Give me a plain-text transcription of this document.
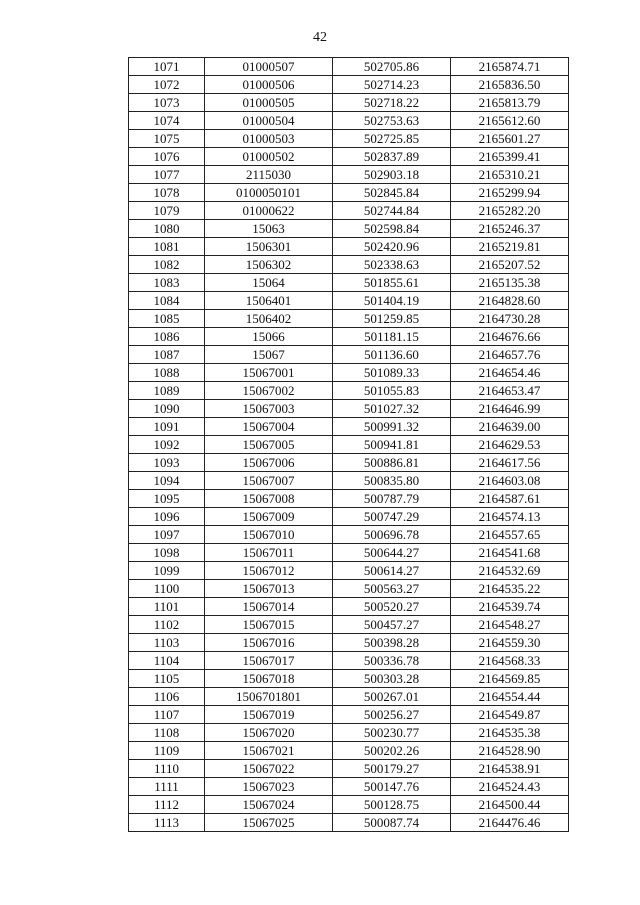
42
1071	01000507	502705.86	2165874.71
1072	01000506	502714.23	2165836.50
1073	01000505	502718.22	2165813.79
1074	01000504	502753.63	2165612.60
1075	01000503	502725.85	2165601.27
1076	01000502	502837.89	2165399.41
1077	2115030	502903.18	2165310.21
1078	0100050101	502845.84	2165299.94
1079	01000622	502744.84	2165282.20
1080	15063	502598.84	2165246.37
1081	1506301	502420.96	2165219.81
1082	1506302	502338.63	2165207.52
1083	15064	501855.61	2165135.38
1084	1506401	501404.19	2164828.60
1085	1506402	501259.85	2164730.28
1086	15066	501181.15	2164676.66
1087	15067	501136.60	2164657.76
1088	15067001	501089.33	2164654.46
1089	15067002	501055.83	2164653.47
1090	15067003	501027.32	2164646.99
1091	15067004	500991.32	2164639.00
1092	15067005	500941.81	2164629.53
1093	15067006	500886.81	2164617.56
1094	15067007	500835.80	2164603.08
1095	15067008	500787.79	2164587.61
1096	15067009	500747.29	2164574.13
1097	15067010	500696.78	2164557.65
1098	15067011	500644.27	2164541.68
1099	15067012	500614.27	2164532.69
1100	15067013	500563.27	2164535.22
1101	15067014	500520.27	2164539.74
1102	15067015	500457.27	2164548.27
1103	15067016	500398.28	2164559.30
1104	15067017	500336.78	2164568.33
1105	15067018	500303.28	2164569.85
1106	1506701801	500267.01	2164554.44
1107	15067019	500256.27	2164549.87
1108	15067020	500230.77	2164535.38
1109	15067021	500202.26	2164528.90
1110	15067022	500179.27	2164538.91
1111	15067023	500147.76	2164524.43
1112	15067024	500128.75	2164500.44
1113	15067025	500087.74	2164476.46
